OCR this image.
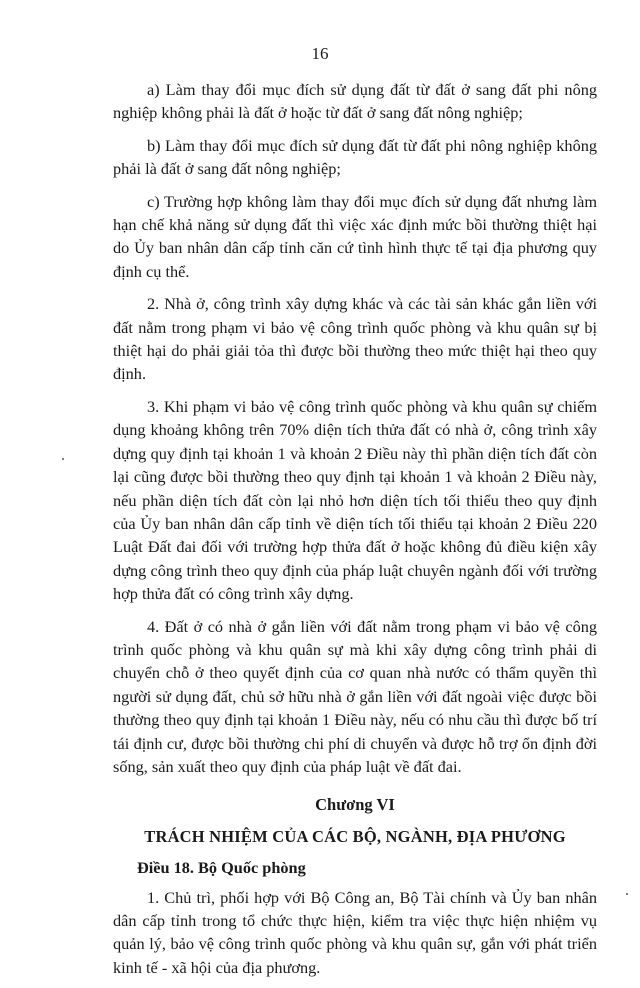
16

a) Làm thay đổi mục đích sử dụng đất từ đất ở sang đất phi nông nghiệp không phải là đất ở hoặc từ đất ở sang đất nông nghiệp;

b) Làm thay đổi mục đích sử dụng đất từ đất phi nông nghiệp không phải là đất ở sang đất nông nghiệp;

c) Trường hợp không làm thay đổi mục đích sử dụng đất nhưng làm hạn chế khả năng sử dụng đất thì việc xác định mức bồi thường thiệt hại do Ủy ban nhân dân cấp tỉnh căn cứ tình hình thực tế tại địa phương quy định cụ thể.

2. Nhà ở, công trình xây dựng khác và các tài sản khác gắn liền với đất nằm trong phạm vi bảo vệ công trình quốc phòng và khu quân sự bị thiệt hại do phải giải tỏa thì được bồi thường theo mức thiệt hại theo quy định.

3. Khi phạm vi bảo vệ công trình quốc phòng và khu quân sự chiếm dụng khoảng không trên 70% diện tích thửa đất có nhà ở, công trình xây dựng quy định tại khoản 1 và khoản 2 Điều này thì phần diện tích đất còn lại cũng được bồi thường theo quy định tại khoản 1 và khoản 2 Điều này, nếu phần diện tích đất còn lại nhỏ hơn diện tích tối thiểu theo quy định của Ủy ban nhân dân cấp tỉnh về diện tích tối thiểu tại khoản 2 Điều 220 Luật Đất đai đối với trường hợp thửa đất ở hoặc không đủ điều kiện xây dựng công trình theo quy định của pháp luật chuyên ngành đối với trường hợp thửa đất có công trình xây dựng.

4. Đất ở có nhà ở gắn liền với đất nằm trong phạm vi bảo vệ công trình quốc phòng và khu quân sự mà khi xây dựng công trình phải di chuyển chỗ ở theo quyết định của cơ quan nhà nước có thẩm quyền thì người sử dụng đất, chủ sở hữu nhà ở gắn liền với đất ngoài việc được bồi thường theo quy định tại khoản 1 Điều này, nếu có nhu cầu thì được bố trí tái định cư, được bồi thường chi phí di chuyển và được hỗ trợ ổn định đời sống, sản xuất theo quy định của pháp luật về đất đai.

Chương VI
TRÁCH NHIỆM CỦA CÁC BỘ, NGÀNH, ĐỊA PHƯƠNG
Điều 18. Bộ Quốc phòng

1. Chủ trì, phối hợp với Bộ Công an, Bộ Tài chính và Ủy ban nhân dân cấp tỉnh trong tổ chức thực hiện, kiểm tra việc thực hiện nhiệm vụ quản lý, bảo vệ công trình quốc phòng và khu quân sự, gắn với phát triển kinh tế - xã hội của địa phương.
